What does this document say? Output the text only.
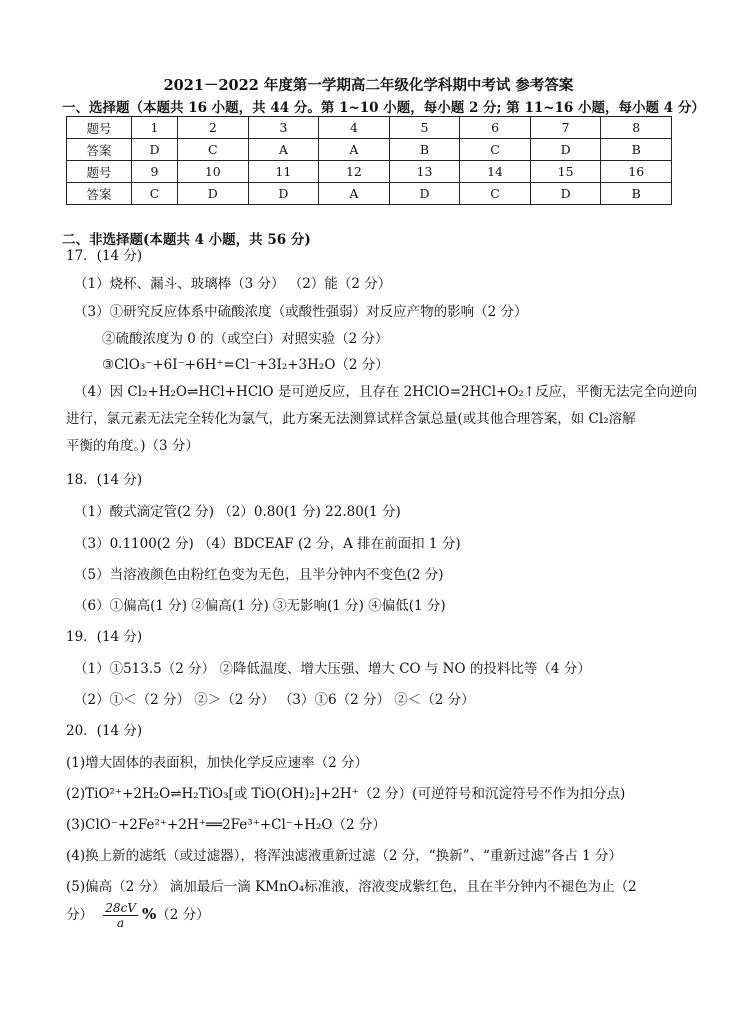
2021－2022 年度第一学期高二年级化学科期中考试 参考答案
一、选择题（本题共 16 小题，共 44 分。第 1~10 小题，每小题 2 分; 第 11~16 小题，每小题 4 分）
题号	1	2	3	4	5	6	7	8
答案	D	C	A	A	B	C	D	B
题号	9	10	11	12	13	14	15	16
答案	C	D	D	A	D	C	D	B
二、非选择题(本题共 4 小题，共 56 分)
17．(14 分)
（1）烧杯、漏斗、玻璃棒（3 分） （2）能（2 分）
（3）①研究反应体系中硫酸浓度（或酸性强弱）对反应产物的影响（2 分）
②硫酸浓度为 0 的（或空白）对照实验（2 分）
③ClO₃⁻+6I⁻+6H⁺=Cl⁻+3I₂+3H₂O（2 分）
（4）因 Cl₂+H₂O⇌HCl+HClO 是可逆反应，且存在 2HClO=2HCl+O₂↑反应，平衡无法完全向逆向
进行，氯元素无法完全转化为氯气，此方案无法测算试样含氯总量(或其他合理答案，如 Cl₂溶解
平衡的角度。)（3 分）
18．(14 分)
（1）酸式滴定管(2 分) （2）0.80(1 分) 22.80(1 分)
（3）0.1100(2 分) （4）BDCEAF (2 分，A 排在前面扣 1 分)
（5）当溶液颜色由粉红色变为无色，且半分钟内不变色(2 分)
（6）①偏高(1 分) ②偏高(1 分) ③无影响(1 分) ④偏低(1 分)
19．(14 分)
（1）①513.5（2 分） ②降低温度、增大压强、增大 CO 与 NO 的投料比等（4 分）
（2）①＜（2 分） ②＞（2 分） （3）①6（2 分） ②＜（2 分）
20．(14 分)
(1)增大固体的表面积，加快化学反应速率（2 分）
(2)TiO²⁺+2H₂O⇌H₂TiO₃[或 TiO(OH)₂]+2H⁺（2 分）(可逆符号和沉淀符号不作为扣分点)
(3)ClO⁻+2Fe²⁺+2H⁺══2Fe³⁺+Cl⁻+H₂O（2 分）
(4)换上新的滤纸（或过滤器），将浑浊滤液重新过滤（2 分，“换新”、“重新过滤”各占 1 分）
(5)偏高（2 分） 滴加最后一滴 KMnO₄标准液，溶液变成紫红色，且在半分钟内不褪色为止（2
分） $\frac{28cV}{a} \%(2$ 分）
